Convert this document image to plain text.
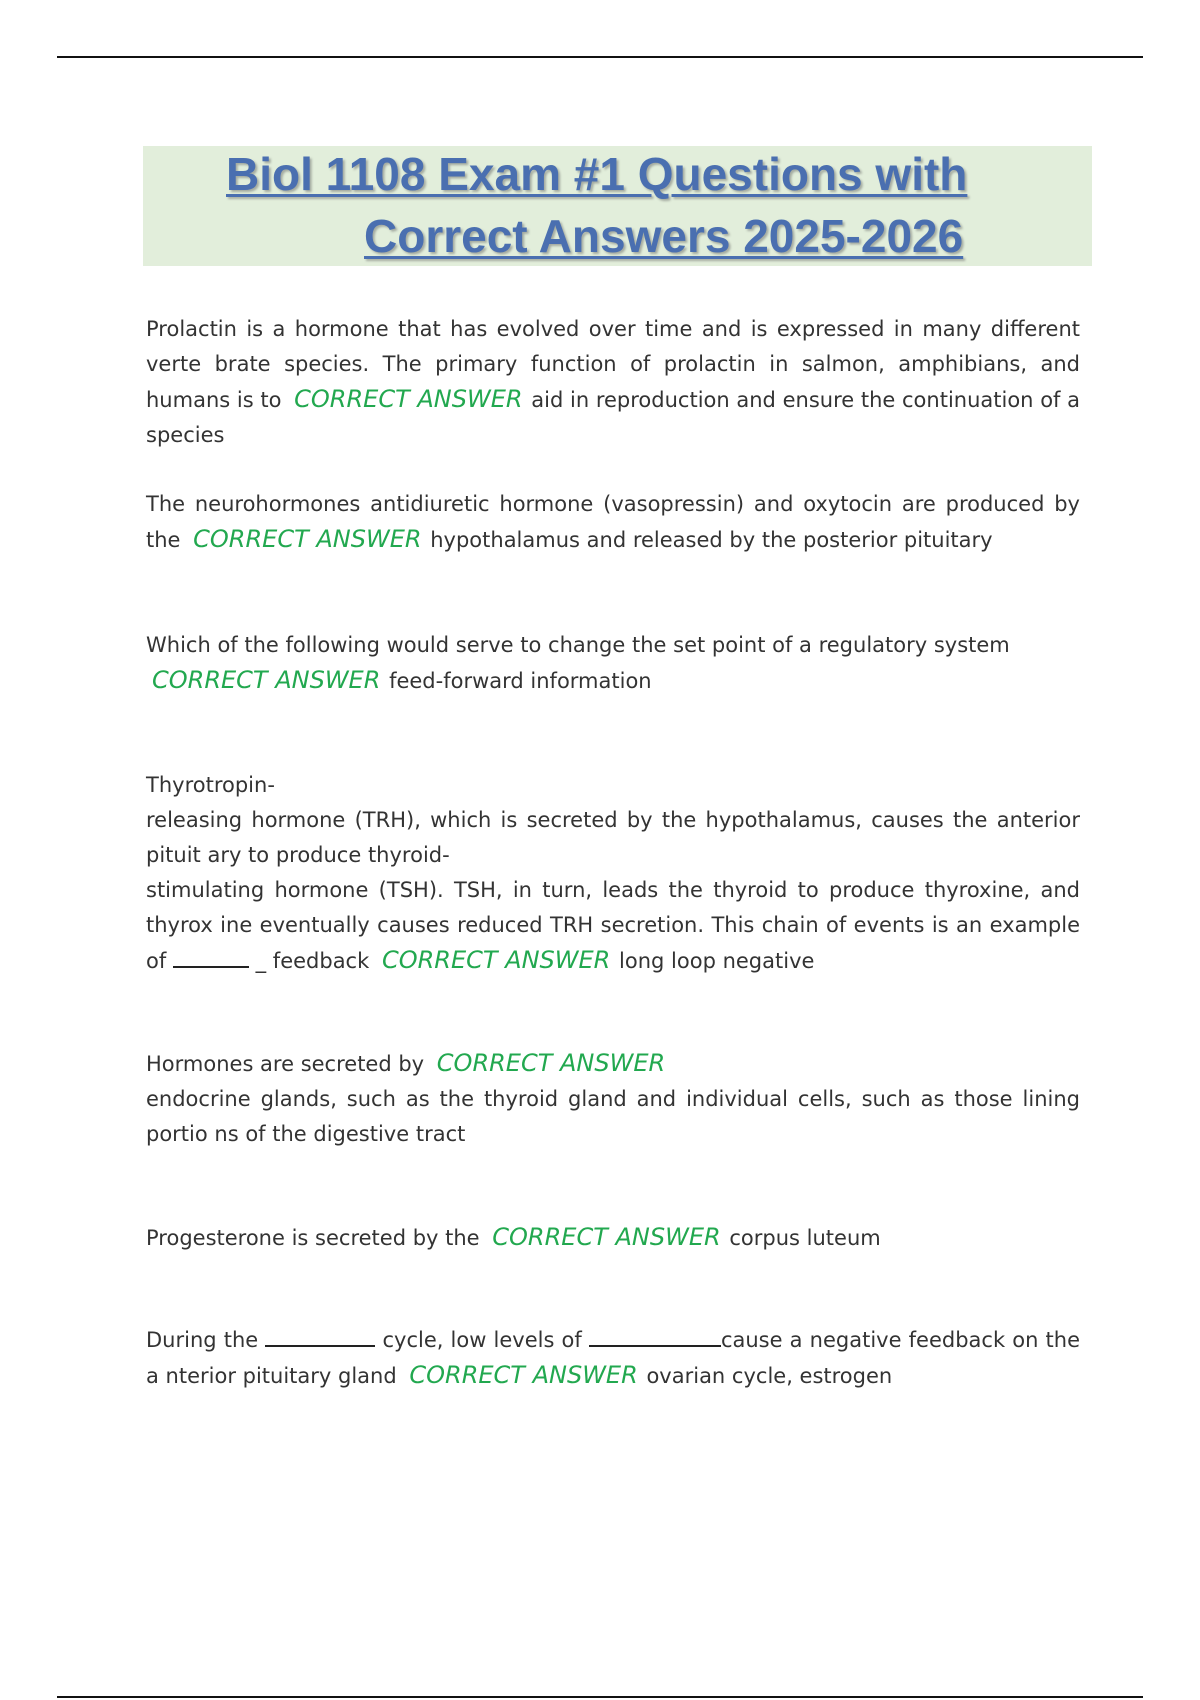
Biol 1108 Exam #1 Questions with
Correct Answers 2025-2026

Prolactin is a hormone that has evolved over time and is expressed in many different verte brate species. The primary function of prolactin in salmon, amphibians, and humans is to CORRECT ANSWER aid in reproduction and ensure the continuation of a species

The neurohormones antidiuretic hormone (vasopressin) and oxytocin are produced by the CORRECT ANSWER hypothalamus and released by the posterior pituitary

Which of the following would serve to change the set point of a regulatory system
CORRECT ANSWER feed-forward information

Thyrotropin-
releasing hormone (TRH), which is secreted by the hypothalamus, causes the anterior pituit ary to produce thyroid-
stimulating hormone (TSH). TSH, in turn, leads the thyroid to produce thyroxine, and thyrox ine eventually causes reduced TRH secretion. This chain of events is an example of	_ feedback CORRECT ANSWER long loop negative

Hormones are secreted by CORRECT ANSWER
endocrine glands, such as the thyroid gland and individual cells, such as those lining portio ns of the digestive tract

Progesterone is secreted by the CORRECT ANSWER corpus luteum

During the	cycle, low levels of	cause a negative feedback on the a nterior pituitary gland CORRECT ANSWER ovarian cycle, estrogen
